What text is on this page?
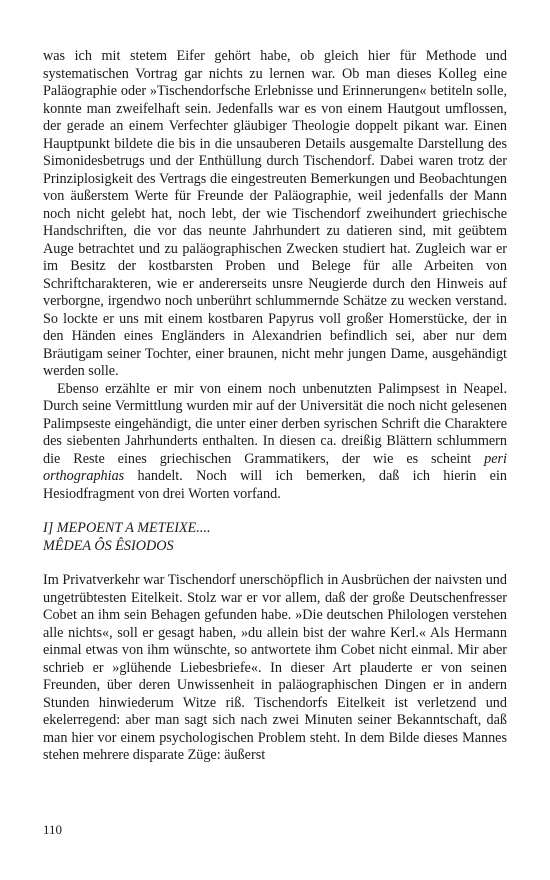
was ich mit stetem Eifer gehört habe, ob gleich hier für Methode und systematischen Vortrag gar nichts zu lernen war. Ob man dieses Kolleg eine Paläographie oder »Tischendorfsche Erlebnisse und Erinnerungen« betiteln solle, konnte man zweifelhaft sein. Jedenfalls war es von einem Hautgout umflossen, der gerade an einem Verfechter gläubiger Theologie doppelt pikant war. Einen Hauptpunkt bildete die bis in die unsauberen Details ausgemalte Darstellung des Simonidesbetrugs und der Enthüllung durch Tischendorf. Dabei waren trotz der Prinziplosigkeit des Vertrags die eingestreuten Bemerkungen und Beobachtungen von äußerstem Werte für Freunde der Paläographie, weil jedenfalls der Mann noch nicht gelebt hat, noch lebt, der wie Tischendorf zweihundert griechische Handschriften, die vor das neunte Jahrhundert zu datieren sind, mit geübtem Auge betrachtet und zu paläographischen Zwecken studiert hat. Zugleich war er im Besitz der kostbarsten Proben und Belege für alle Arbeiten von Schriftcharakteren, wie er andererseits unsre Neugierde durch den Hinweis auf verborgne, irgendwo noch unberührt schlummernde Schätze zu wecken verstand. So lockte er uns mit einem kostbaren Papyrus voll großer Homerstücke, der in den Händen eines Engländers in Alexandrien befindlich sei, aber nur dem Bräutigam seiner Tochter, einer braunen, nicht mehr jungen Dame, ausgehändigt werden solle.

Ebenso erzählte er mir von einem noch unbenutzten Palimpsest in Neapel. Durch seine Vermittlung wurden mir auf der Universität die noch nicht gelesenen Palimpseste eingehändigt, die unter einer derben syrischen Schrift die Charaktere des siebenten Jahrhunderts enthalten. In diesen ca. dreißig Blättern schlummern die Reste eines griechischen Grammatikers, der wie es scheint peri orthographias handelt. Noch will ich bemerken, daß ich hierin ein Hesiodfragment von drei Worten vorfand.

I] MEPOENT A METEIXE....

MÊDEA ÔS ÊSIODOS

Im Privatverkehr war Tischendorf unerschöpflich in Ausbrüchen der naivsten und ungetrübtesten Eitelkeit. Stolz war er vor allem, daß der große Deutschenfresser Cobet an ihm sein Behagen gefunden habe. »Die deutschen Philologen verstehen alle nichts«, soll er gesagt haben, »du allein bist der wahre Kerl.« Als Hermann einmal etwas von ihm wünschte, so antwortete ihm Cobet nicht einmal. Mir aber schrieb er »glühende Liebesbriefe«. In dieser Art plauderte er von seinen Freunden, über deren Unwissenheit in paläographischen Dingen er in andern Stunden hinwiederum Witze riß. Tischendorfs Eitelkeit ist verletzend und ekelerregend: aber man sagt sich nach zwei Minuten seiner Bekanntschaft, daß man hier vor einem psychologischen Problem steht. In dem Bilde dieses Mannes stehen mehrere disparate Züge: äußerst

110
